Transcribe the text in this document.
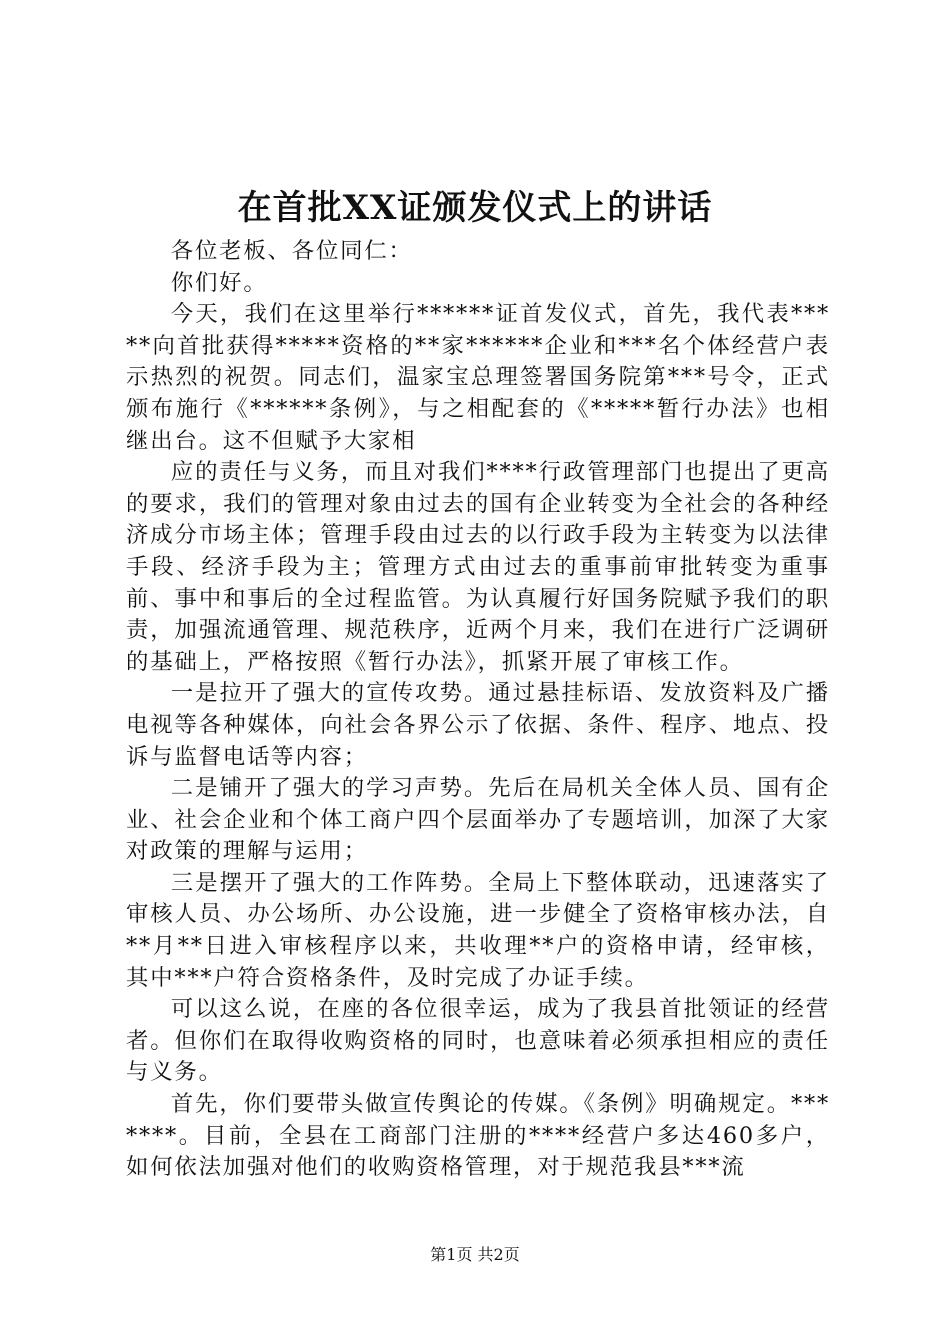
在首批XX证颁发仪式上的讲话

各位老板、各位同仁：

你们好。

今天，我们在这里举行******证首发仪式，首先，我代表*****向首批获得*****资格的**家******企业和***名个体经营户表示热烈的祝贺。同志们，温家宝总理签署国务院第***号令，正式颁布施行《******条例》，与之相配套的《*****暂行办法》也相继出台。这不但赋予大家相

应的责任与义务，而且对我们****行政管理部门也提出了更高的要求，我们的管理对象由过去的国有企业转变为全社会的各种经济成分市场主体；管理手段由过去的以行政手段为主转变为以法律手段、经济手段为主；管理方式由过去的重事前审批转变为重事前、事中和事后的全过程监管。为认真履行好国务院赋予我们的职责，加强流通管理、规范秩序，近两个月来，我们在进行广泛调研的基础上，严格按照《暂行办法》，抓紧开展了审核工作。

一是拉开了强大的宣传攻势。通过悬挂标语、发放资料及广播电视等各种媒体，向社会各界公示了依据、条件、程序、地点、投诉与监督电话等内容；

二是铺开了强大的学习声势。先后在局机关全体人员、国有企业、社会企业和个体工商户四个层面举办了专题培训，加深了大家对政策的理解与运用；

三是摆开了强大的工作阵势。全局上下整体联动，迅速落实了审核人员、办公场所、办公设施，进一步健全了资格审核办法，自**月**日进入审核程序以来，共收理**户的资格申请，经审核，其中***户符合资格条件，及时完成了办证手续。

可以这么说，在座的各位很幸运，成为了我县首批领证的经营者。但你们在取得收购资格的同时，也意味着必须承担相应的责任与义务。

首先，你们要带头做宣传舆论的传媒。《条例》明确规定。*******。目前，全县在工商部门注册的****经营户多达460多户，如何依法加强对他们的收购资格管理，对于规范我县***流

第1页 共2页
